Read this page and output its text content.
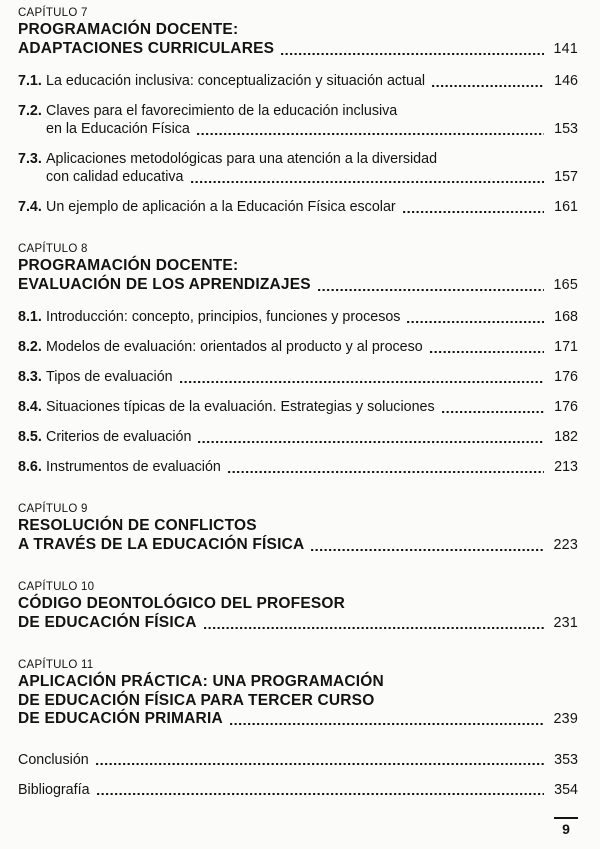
CAPÍTULO 7
PROGRAMACIÓN DOCENTE:
ADAPTACIONES CURRICULARES	141
7.1. La educación inclusiva: conceptualización y situación actual	146
7.2. Claves para el favorecimiento de la educación inclusiva
en la Educación Física	153
7.3. Aplicaciones metodológicas para una atención a la diversidad
con calidad educativa	157
7.4. Un ejemplo de aplicación a la Educación Física escolar	161
CAPÍTULO 8
PROGRAMACIÓN DOCENTE:
EVALUACIÓN DE LOS APRENDIZAJES	165
8.1. Introducción: concepto, principios, funciones y procesos	168
8.2. Modelos de evaluación: orientados al producto y al proceso	171
8.3. Tipos de evaluación	176
8.4. Situaciones típicas de la evaluación. Estrategias y soluciones	176
8.5. Criterios de evaluación	182
8.6. Instrumentos de evaluación	213
CAPÍTULO 9
RESOLUCIÓN DE CONFLICTOS
A TRAVÉS DE LA EDUCACIÓN FÍSICA	223
CAPÍTULO 10
CÓDIGO DEONTOLÓGICO DEL PROFESOR
DE EDUCACIÓN FÍSICA	231
CAPÍTULO 11
APLICACIÓN PRÁCTICA: UNA PROGRAMACIÓN
DE EDUCACIÓN FÍSICA PARA TERCER CURSO
DE EDUCACIÓN PRIMARIA	239
Conclusión	353
Bibliografía	354
9
